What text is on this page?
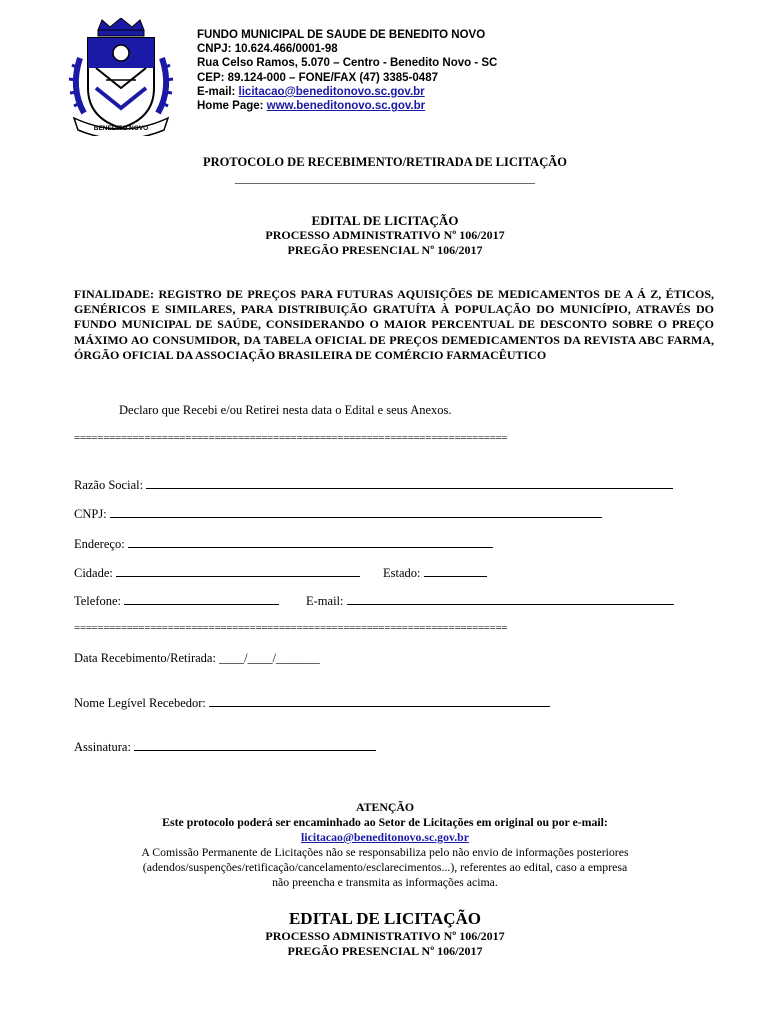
BENEDITO NOVO
FUNDO MUNICIPAL DE SAUDE DE BENEDITO NOVO
CNPJ: 10.624.466/0001-98
Rua Celso Ramos, 5.070 – Centro - Benedito Novo - SC
CEP: 89.124-000 – FONE/FAX (47) 3385-0487
E-mail: licitacao@beneditonovo.sc.gov.br
Home Page: www.beneditonovo.sc.gov.br
PROTOCOLO DE RECEBIMENTO/RETIRADA DE LICITAÇÃO
__________________________________________________
EDITAL DE LICITAÇÃO
PROCESSO ADMINISTRATIVO Nº 106/2017
PREGÃO PRESENCIAL Nº 106/2017
FINALIDADE: REGISTRO DE PREÇOS PARA FUTURAS AQUISIÇÕES DE MEDICAMENTOS DE A Á Z, ÉTICOS, GENÉRICOS E SIMILARES, PARA DISTRIBUIÇÃO GRATUÍTA À POPULAÇÃO DO MUNICÍPIO, ATRAVÉS DO FUNDO MUNICIPAL DE SAÚDE, CONSIDERANDO O MAIOR PERCENTUAL DE DESCONTO SOBRE O PREÇO MÁXIMO AO CONSUMIDOR, DA TABELA OFICIAL DE PREÇOS DEMEDICAMENTOS DA REVISTA ABC FARMA, ÓRGÃO OFICIAL DA ASSOCIAÇÃO BRASILEIRA DE COMÉRCIO FARMACÊUTICO
Declaro que Recebi e/ou Retirei nesta data o Edital e seus Anexos.
==========================================================================
Razão Social:
CNPJ:
Endereço:
Cidade:	Estado:
Telefone:	E-mail:
==========================================================================
Data Recebimento/Retirada: ____/____/_______
Nome Legível Recebedor:
Assinatura:
ATENÇÃO
Este protocolo poderá ser encaminhado ao Setor de Licitações em original ou por e-mail:
licitacao@beneditonovo.sc.gov.br
A Comissão Permanente de Licitações não se responsabiliza pelo não envio de informações posteriores
(adendos/suspenções/retificação/cancelamento/esclarecimentos...), referentes ao edital, caso a empresa
não preencha e transmita as informações acima.
EDITAL DE LICITAÇÃO
PROCESSO ADMINISTRATIVO Nº 106/2017
PREGÃO PRESENCIAL Nº 106/2017
